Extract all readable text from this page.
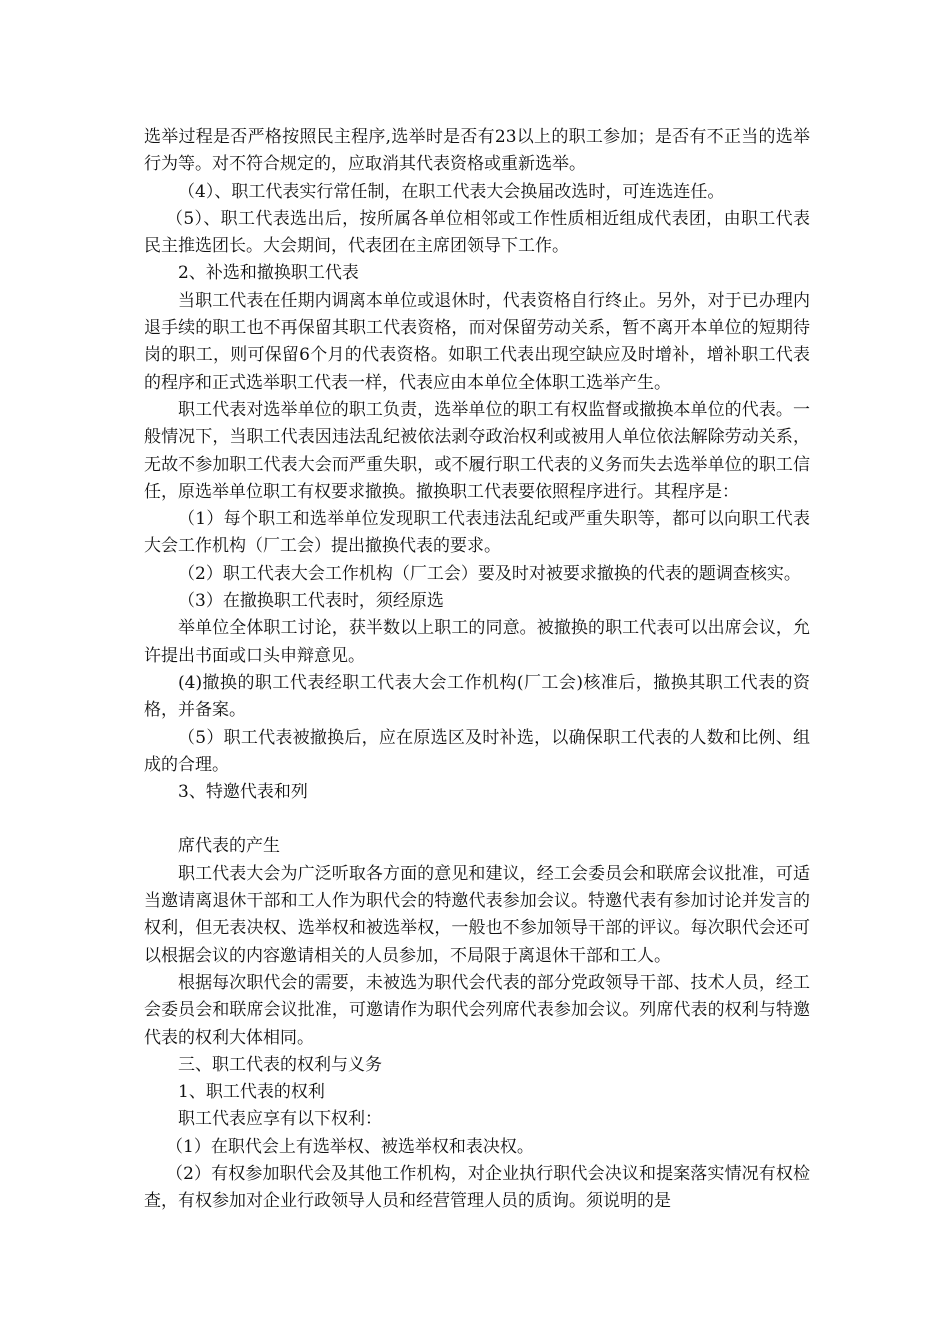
选举过程是否严格按照民主程序,选举时是否有23以上的职工参加；是否有不正当的选举行为等。对不符合规定的，应取消其代表资格或重新选举。

（4）、职工代表实行常任制，在职工代表大会换届改选时，可连选连任。

（5）、职工代表选出后，按所属各单位相邻或工作性质相近组成代表团，由职工代表民主推选团长。大会期间，代表团在主席团领导下工作。

2、补选和撤换职工代表

当职工代表在任期内调离本单位或退休时，代表资格自行终止。另外，对于已办理内退手续的职工也不再保留其职工代表资格，而对保留劳动关系，暂不离开本单位的短期待岗的职工，则可保留6个月的代表资格。如职工代表出现空缺应及时增补，增补职工代表的程序和正式选举职工代表一样，代表应由本单位全体职工选举产生。

职工代表对选举单位的职工负责，选举单位的职工有权监督或撤换本单位的代表。一般情况下，当职工代表因违法乱纪被依法剥夺政治权利或被用人单位依法解除劳动关系，无故不参加职工代表大会而严重失职，或不履行职工代表的义务而失去选举单位的职工信任，原选举单位职工有权要求撤换。撤换职工代表要依照程序进行。其程序是：

（1）每个职工和选举单位发现职工代表违法乱纪或严重失职等，都可以向职工代表大会工作机构（厂工会）提出撤换代表的要求。

（2）职工代表大会工作机构（厂工会）要及时对被要求撤换的代表的题调查核实。

（3）在撤换职工代表时，须经原选

举单位全体职工讨论，获半数以上职工的同意。被撤换的职工代表可以出席会议，允许提出书面或口头申辩意见。

(4)撤换的职工代表经职工代表大会工作机构(厂工会)核准后，撤换其职工代表的资格，并备案。

（5）职工代表被撤换后，应在原选区及时补选，以确保职工代表的人数和比例、组成的合理。

3、特邀代表和列

席代表的产生

职工代表大会为广泛听取各方面的意见和建议，经工会委员会和联席会议批准，可适当邀请离退休干部和工人作为职代会的特邀代表参加会议。特邀代表有参加讨论并发言的权利，但无表决权、选举权和被选举权，一般也不参加领导干部的评议。每次职代会还可以根据会议的内容邀请相关的人员参加，不局限于离退休干部和工人。

根据每次职代会的需要，未被选为职代会代表的部分党政领导干部、技术人员，经工会委员会和联席会议批准，可邀请作为职代会列席代表参加会议。列席代表的权利与特邀代表的权利大体相同。

三、职工代表的权利与义务

1、职工代表的权利

职工代表应享有以下权利：

（1）在职代会上有选举权、被选举权和表决权。

（2）有权参加职代会及其他工作机构，对企业执行职代会决议和提案落实情况有权检查，有权参加对企业行政领导人员和经营管理人员的质询。须说明的是
